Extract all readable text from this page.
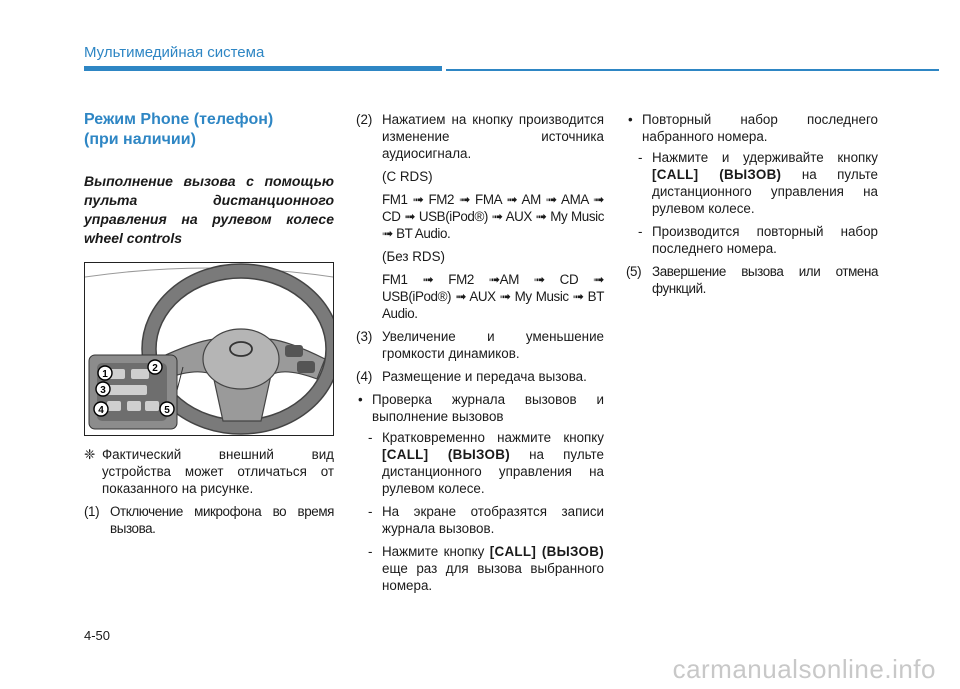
Мультимедийная система
Режим Phone (телефон)
(при наличии)

Выполнение вызова с помощью пульта дистанционного управления на рулевом колесе wheel controls

1
2
3
4	5
❈ Фактический внешний вид устройства может отличаться от показанного на рисунке.
(1) Отключение микрофона во время вызова.
(2) Нажатием на кнопку производится изменение источника аудиосигнала.
(С RDS)
FM1 ➟ FM2 ➟ FMA ➟ AM ➟ AMA ➟ CD ➟ USB(iPod®) ➟ AUX ➟ My Music ➟ BT Audio.
(Без RDS)
FM1 ➟ FM2 ➟AM ➟ CD ➟ USB(iPod®) ➟ AUX ➟ My Music ➟ BT Audio.
(3) Увеличение и уменьшение громкости динамиков.
(4) Размещение и передача вызова.
• Проверка журнала вызовов и выполнение вызовов
- Кратковременно нажмите кнопку [CALL] (ВЫЗОВ) на пульте дистанционного управления на рулевом колесе.
- На экране отобразятся записи журнала вызовов.
- Нажмите кнопку [CALL] (ВЫЗОВ) еще раз для вызова выбранного номера.
• Повторный набор последнего набранного номера.
- Нажмите и удерживайте кнопку [CALL] (ВЫЗОВ) на пульте дистанционного управления на рулевом колесе.
- Производится повторный набор последнего номера.
(5) Завершение вызова или отмена функций.
4-50
carmanualsonline.info
